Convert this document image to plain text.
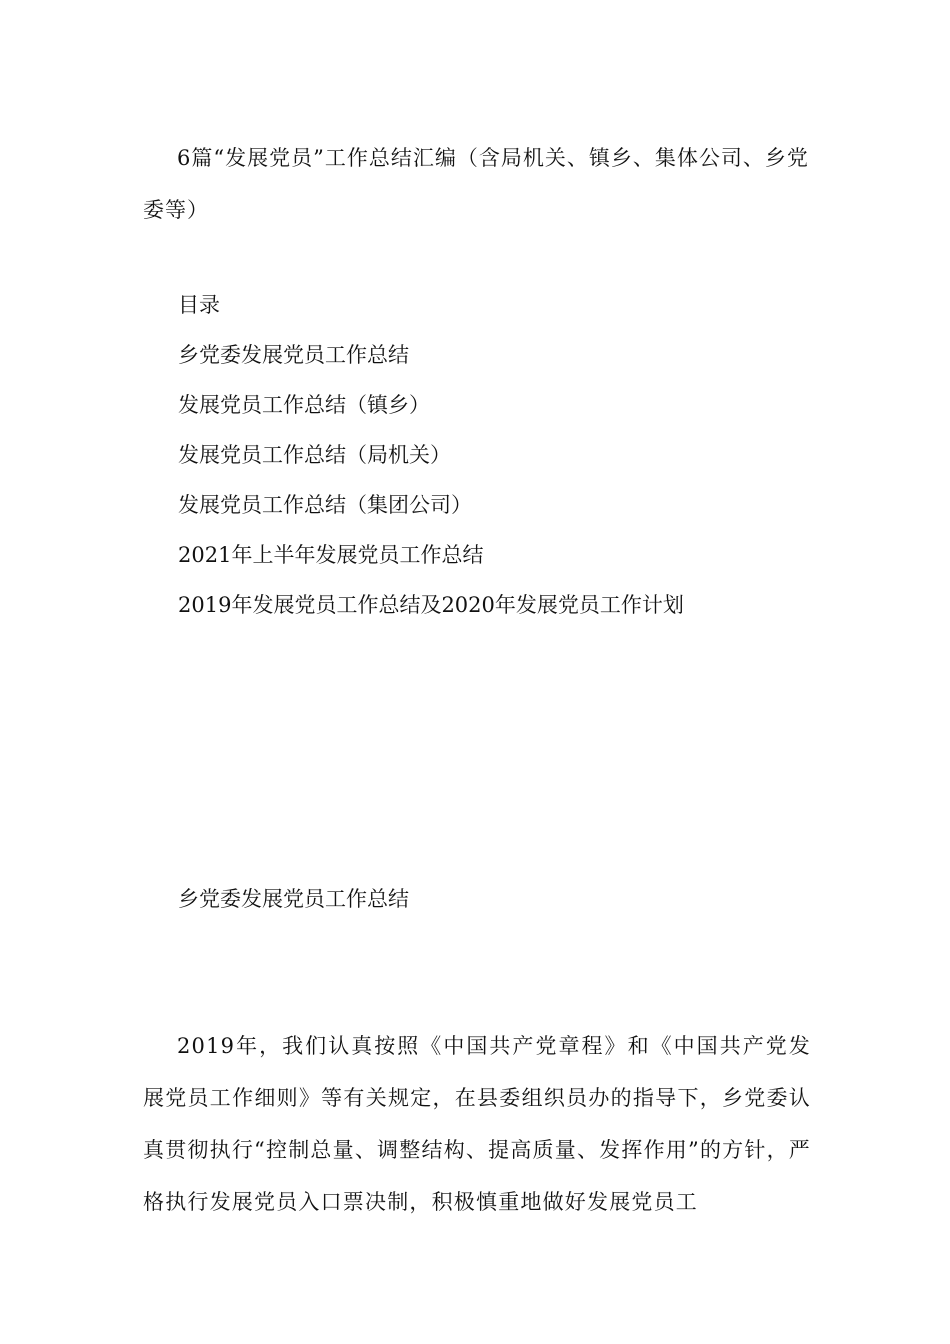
6篇“发展党员”工作总结汇编（含局机关、镇乡、集体公司、乡党委等）

目录
乡党委发展党员工作总结
发展党员工作总结（镇乡）
发展党员工作总结（局机关）
发展党员工作总结（集团公司）
2021年上半年发展党员工作总结
2019年发展党员工作总结及2020年发展党员工作计划
乡党委发展党员工作总结

2019年，我们认真按照《中国共产党章程》和《中国共产党发展党员工作细则》等有关规定，在县委组织员办的指导下，乡党委认真贯彻执行“控制总量、调整结构、提高质量、发挥作用”的方针，严格执行发展党员入口票决制，积极慎重地做好发展党员工
